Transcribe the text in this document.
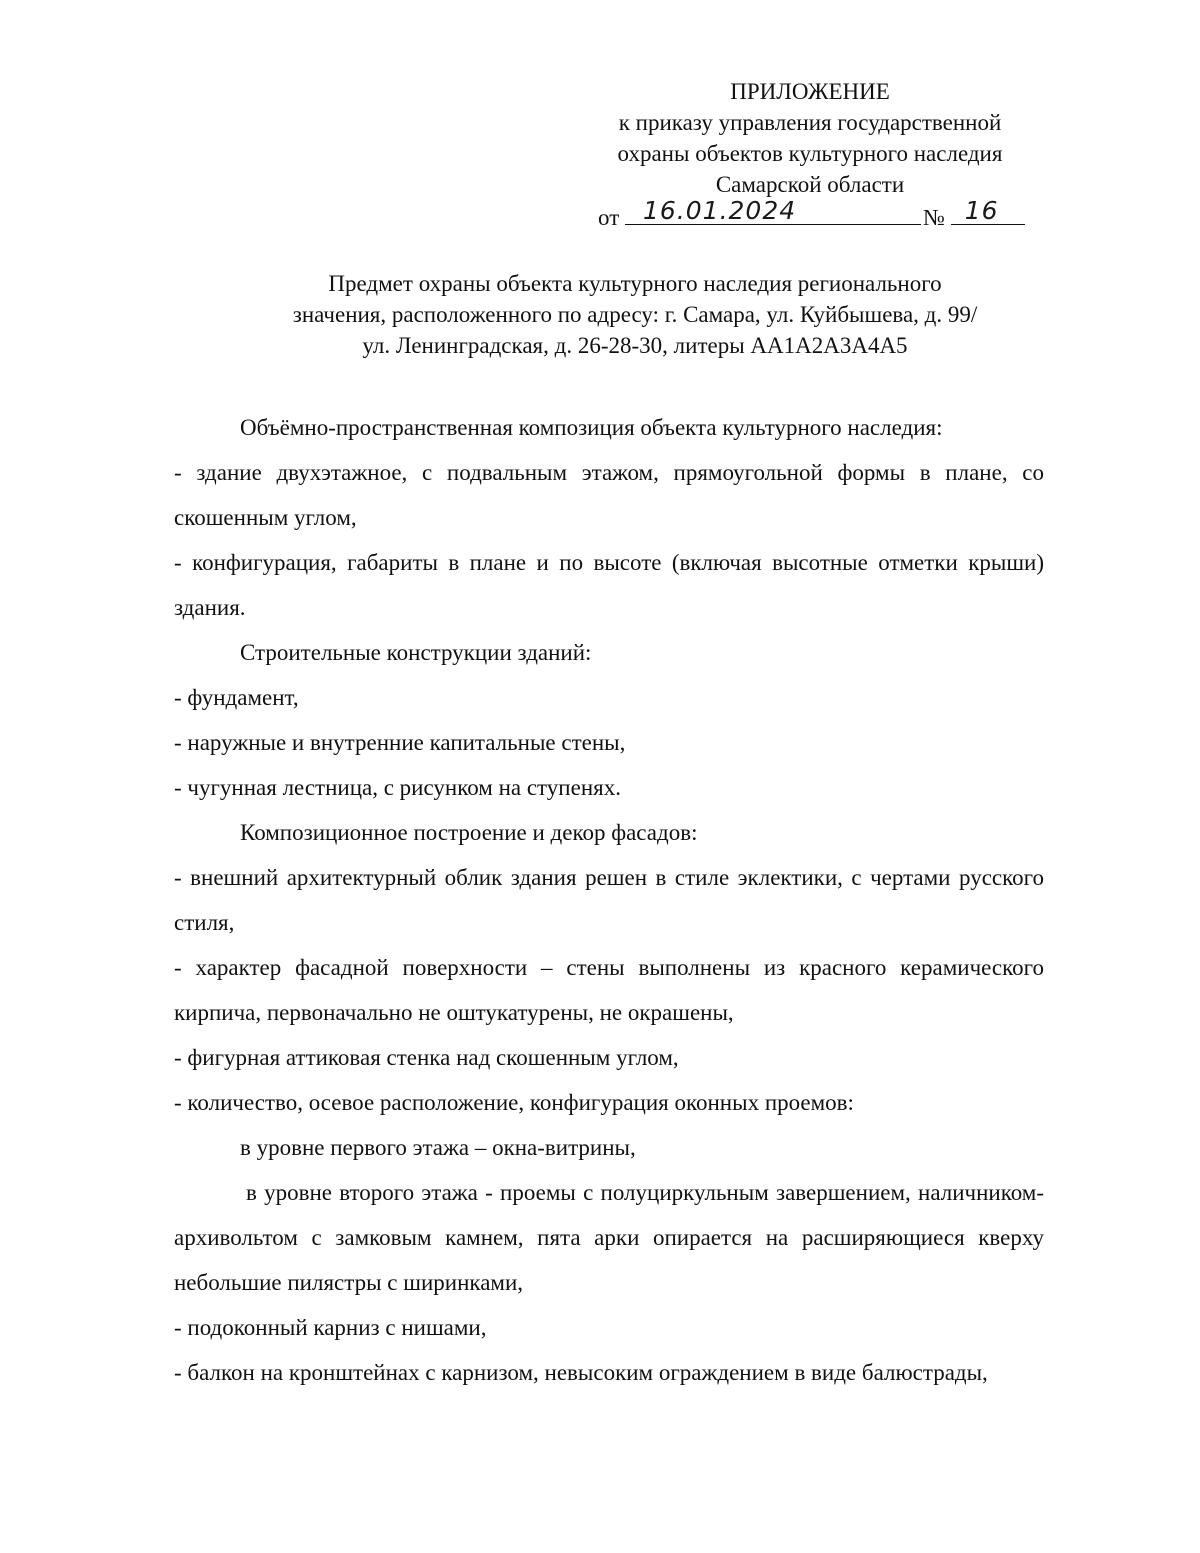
ПРИЛОЖЕНИЕ
к приказу управления государственной
охраны объектов культурного наследия
Самарской области
от 16.01.2024	№ 16
Предмет охраны объекта культурного наследия регионального
значения, расположенного по адресу: г. Самара, ул. Куйбышева, д. 99/
ул. Ленинградская, д. 26-28-30, литеры АА1А2А3А4А5

Объёмно-пространственная композиция объекта культурного наследия:

- здание двухэтажное, с подвальным этажом, прямоугольной формы в плане, со скошенным углом,

- конфигурация, габариты в плане и по высоте (включая высотные отметки крыши) здания.

Строительные конструкции зданий:

- фундамент,

- наружные и внутренние капитальные стены,

- чугунная лестница, с рисунком на ступенях.

Композиционное построение и декор фасадов:

- внешний архитектурный облик здания решен в стиле эклектики, с чертами русского стиля,

- характер фасадной поверхности – стены выполнены из красного керамического кирпича, первоначально не оштукатурены, не окрашены,

- фигурная аттиковая стенка над скошенным углом,

- количество, осевое расположение, конфигурация оконных проемов:

в уровне первого этажа – окна-витрины,

в уровне второго этажа - проемы с полуциркульным завершением, наличником-архивольтом с замковым камнем, пята арки опирается на расширяющиеся кверху небольшие пилястры с ширинками,

- подоконный карниз с нишами,

- балкон на кронштейнах с карнизом, невысоким ограждением в виде балюстрады,
